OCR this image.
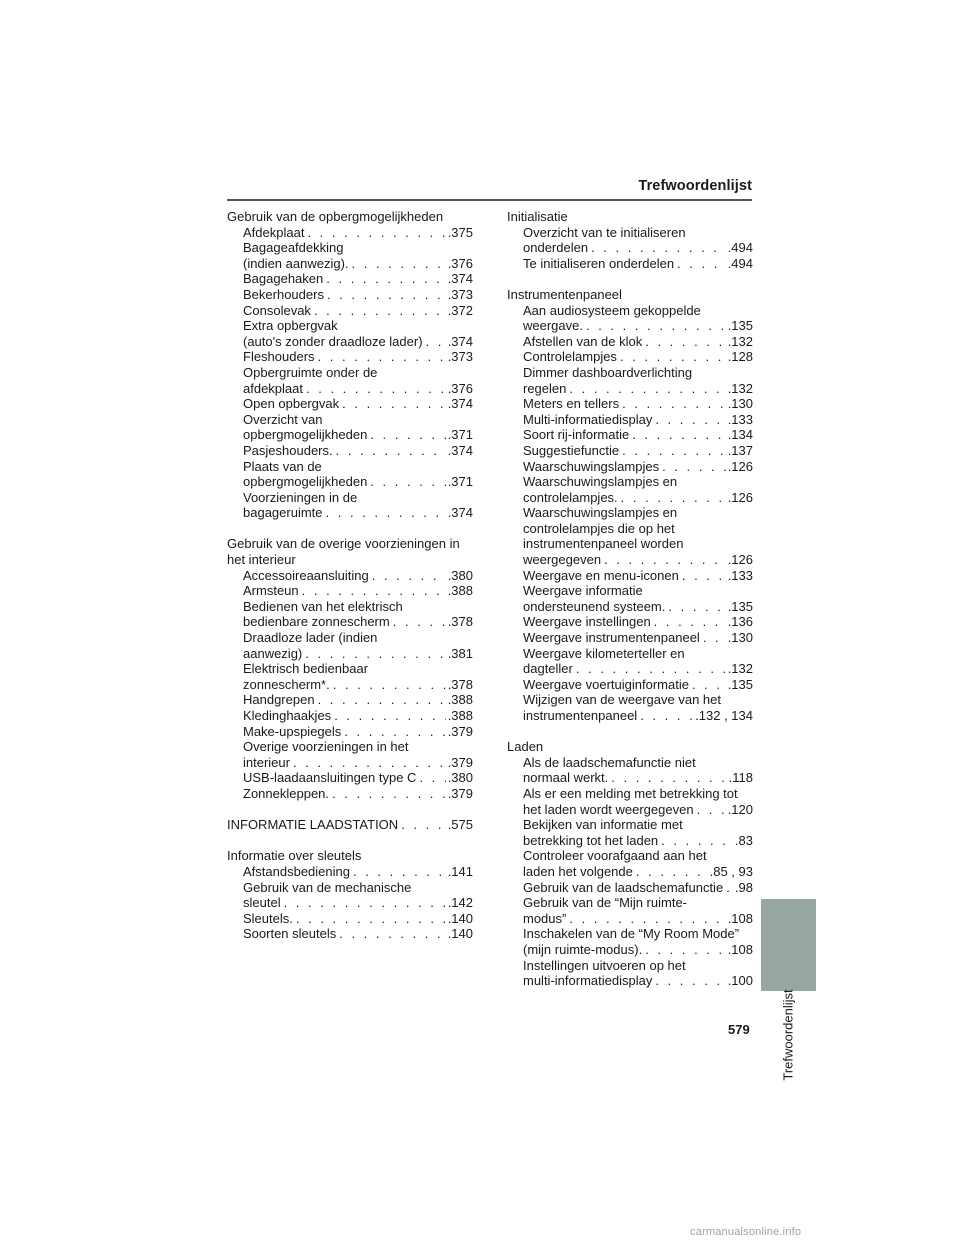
Trefwoordenlijst
Gebruik van de opbergmogelijkheden
Afdekplaat . . .	.375
Bagageafdekking
(indien aanwezig). . . .	.376
Bagagehaken . . .	.374
Bekerhouders . . .	.373
Consolevak . . .	.372
Extra opbergvak
(auto's zonder draadloze lader) . . . .374
Fleshouders . . .	.373
Opbergruimte onder de
afdekplaat . . .	.376
Open opbergvak . . .	.374
Overzicht van
opbergmogelijkheden . . .	.371
Pasjeshouders. . . .	.374
Plaats van de
opbergmogelijkheden . . .	.371
Voorzieningen in de
bagageruimte . . .	.374
Gebruik van de overige voorzieningen in het interieur
Accessoireaansluiting . . .	.380
Armsteun . . .	.388
Bedienen van het elektrisch
bedienbare zonnescherm . . .	.378
Draadloze lader (indien
aanwezig) . . .	.381
Elektrisch bedienbaar
zonnescherm*. . . .	.378
Handgrepen . . .	.388
Kledinghaakjes . . .	.388
Make-upspiegels . . .	.379
Overige voorzieningen in het
interieur . . .	.379
USB-laadaansluitingen type C . . . .380
Zonnekleppen. . . .	.379
INFORMATIE LAADSTATION . . .	.575
Informatie over sleutels
Afstandsbediening . . .	.141
Gebruik van de mechanische
sleutel . . .	.142
Sleutels. . . .	.140
Soorten sleutels . . .	.140
Initialisatie
Overzicht van te initialiseren
onderdelen . . .	.494
Te initialiseren onderdelen . . .	.494
Instrumentenpaneel
Aan audiosysteem gekoppelde
weergave. . . .	.135
Afstellen van de klok . . .	.132
Controlelampjes . . .	.128
Dimmer dashboardverlichting
regelen . . .	.132
Meters en tellers . . .	.130
Multi-informatiedisplay . . .	.133
Soort rij-informatie . . .	.134
Suggestiefunctie . . .	.137
Waarschuwingslampjes . . .	.126
Waarschuwingslampjes en
controlelampjes. . . .	.126
Waarschuwingslampjes en
controlelampjes die op het
instrumentenpaneel worden
weergegeven . . .	.126
Weergave en menu-iconen . . .	.133
Weergave informatie
ondersteunend systeem. . . .	.135
Weergave instellingen . . .	.136
Weergave instrumentenpaneel . . . .130
Weergave kilometerteller en
dagteller . . .	.132
Weergave voertuiginformatie . . .	.135
Wijzigen van de weergave van het
instrumentenpaneel . . .	.132 , 134
Laden
Als de laadschemafunctie niet
normaal werkt. . . .	.118
Als er een melding met betrekking tot
het laden wordt weergegeven . . .	.120
Bekijken van informatie met
betrekking tot het laden . . .	.83
Controleer voorafgaand aan het
laden het volgende . . .	.85 , 93
Gebruik van de laadschemafunctie . . . .98
Gebruik van de “Mijn ruimte-
modus” . . .	.108
Inschakelen van de “My Room Mode”
(mijn ruimte-modus). . . .	.108
Instellingen uitvoeren op het
multi-informatiedisplay . . .	.100
579 Trefwoordenlijst
carmanualsonline.info
